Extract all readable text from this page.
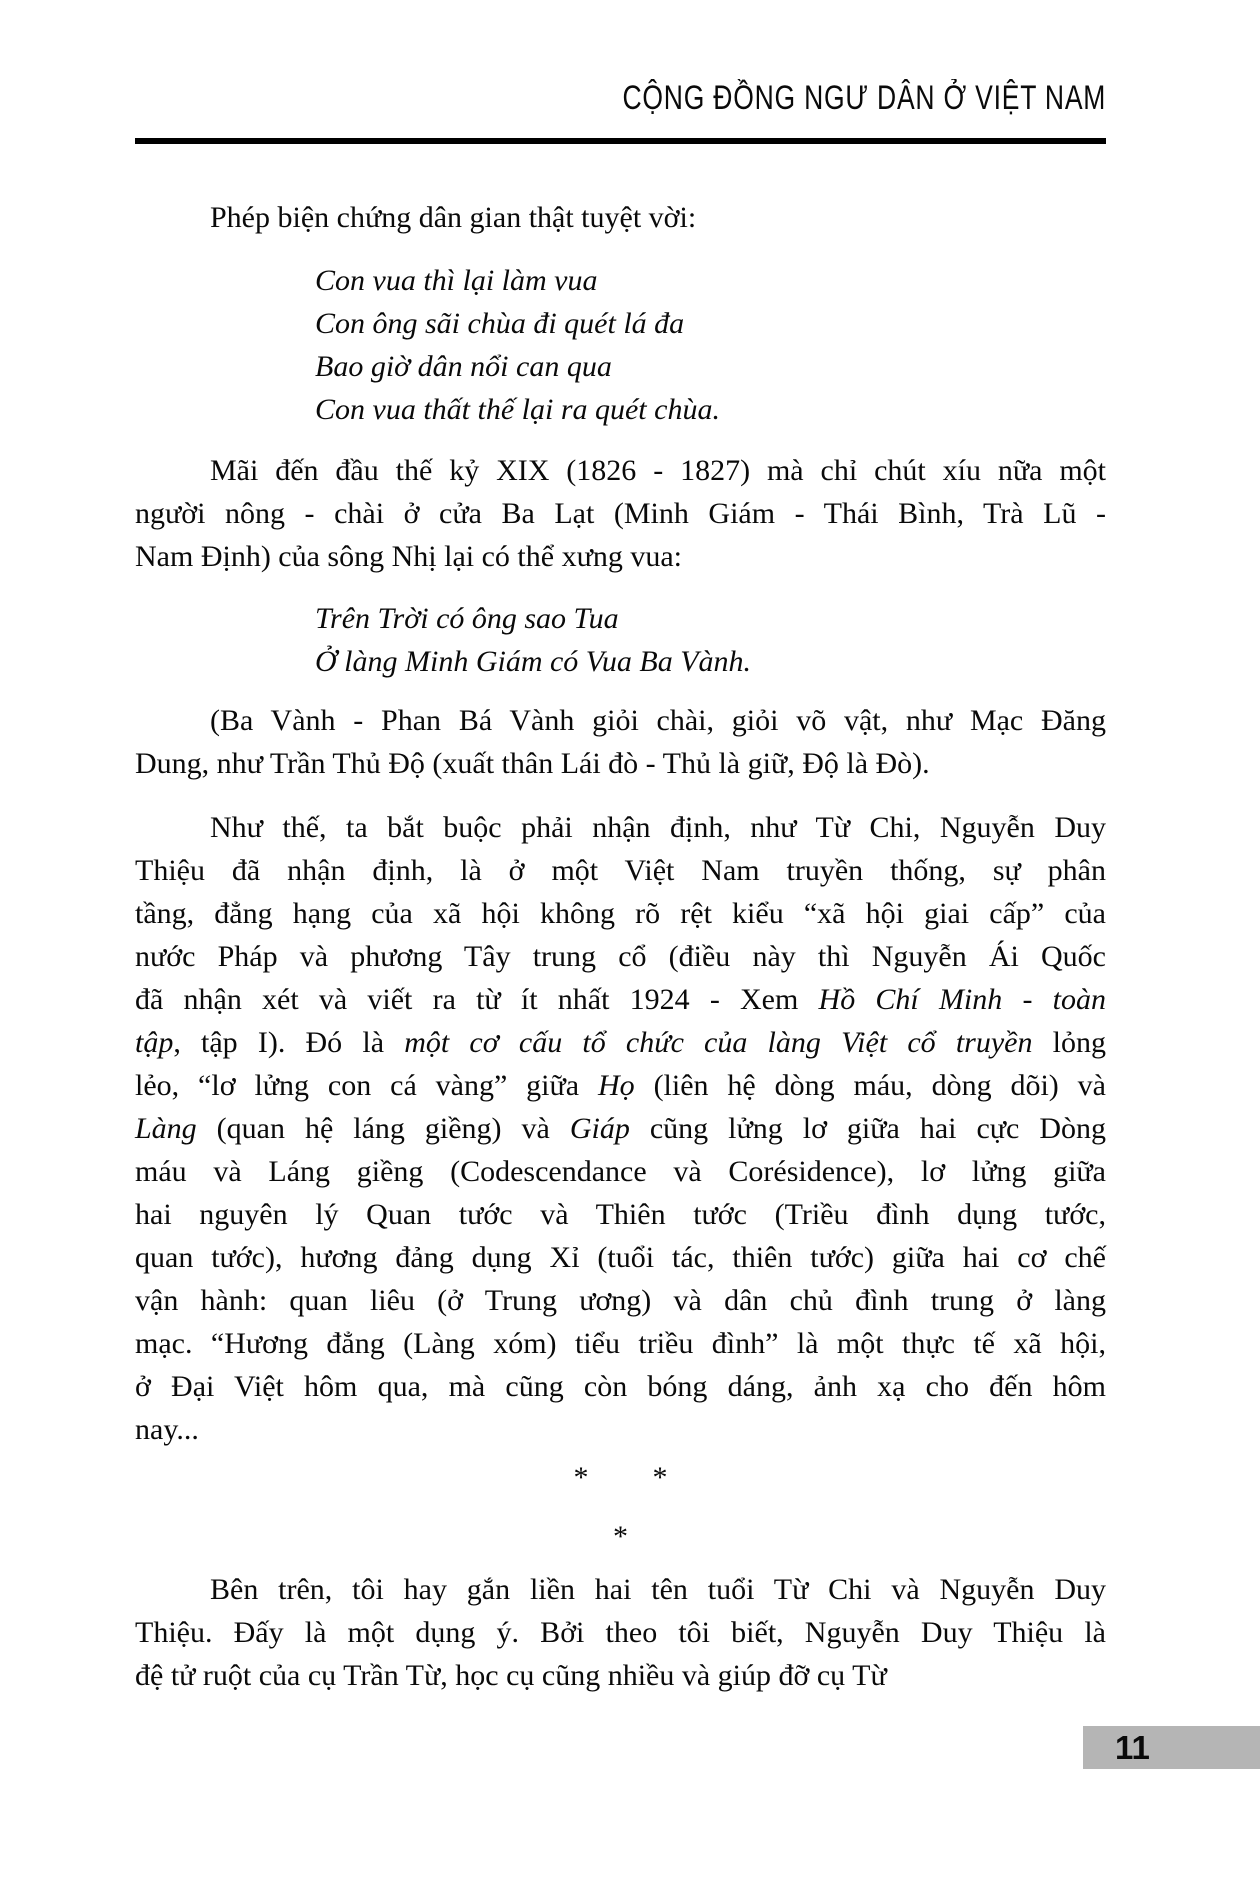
CỘNG ĐỒNG NGƯ DÂN Ở VIỆT NAM
Phép biện chứng dân gian thật tuyệt vời:
Con vua thì lại làm vua
Con ông sãi chùa đi quét lá đa
Bao giờ dân nổi can qua
Con vua thất thế lại ra quét chùa.
Mãi đến đầu thế kỷ XIX (1826 - 1827) mà chỉ chút xíu nữa một
người nông - chài ở cửa Ba Lạt (Minh Giám - Thái Bình, Trà Lũ -
Nam Định) của sông Nhị lại có thể xưng vua:
Trên Trời có ông sao Tua
Ở làng Minh Giám có Vua Ba Vành.
(Ba Vành - Phan Bá Vành giỏi chài, giỏi võ vật, như Mạc Đăng
Dung, như Trần Thủ Độ (xuất thân Lái đò - Thủ là giữ, Độ là Đò).
Như thế, ta bắt buộc phải nhận định, như Từ Chi, Nguyễn Duy
Thiệu đã nhận định, là ở một Việt Nam truyền thống, sự phân
tầng, đẳng hạng của xã hội không rõ rệt kiểu “xã hội giai cấp” của
nước Pháp và phương Tây trung cổ (điều này thì Nguyễn Ái Quốc
đã nhận xét và viết ra từ ít nhất 1924 - Xem Hồ Chí Minh - toàn
tập, tập I). Đó là một cơ cấu tổ chức của làng Việt cổ truyền lỏng
lẻo, “lơ lửng con cá vàng” giữa Họ (liên hệ dòng máu, dòng dõi) và
Làng (quan hệ láng giềng) và Giáp cũng lửng lơ giữa hai cực Dòng
máu và Láng giềng (Codescendance và Corésidence), lơ lửng giữa
hai nguyên lý Quan tước và Thiên tước (Triều đình dụng tước,
quan tước), hương đảng dụng Xỉ (tuổi tác, thiên tước) giữa hai cơ chế
vận hành: quan liêu (ở Trung ương) và dân chủ đình trung ở làng
mạc. “Hương đẳng (Làng xóm) tiểu triều đình” là một thực tế xã hội,
ở Đại Việt hôm qua, mà cũng còn bóng dáng, ảnh xạ cho đến hôm
nay...
* *
*
Bên trên, tôi hay gắn liền hai tên tuổi Từ Chi và Nguyễn Duy
Thiệu. Đấy là một dụng ý. Bởi theo tôi biết, Nguyễn Duy Thiệu là
đệ tử ruột của cụ Trần Từ, học cụ cũng nhiều và giúp đỡ cụ Từ
11
